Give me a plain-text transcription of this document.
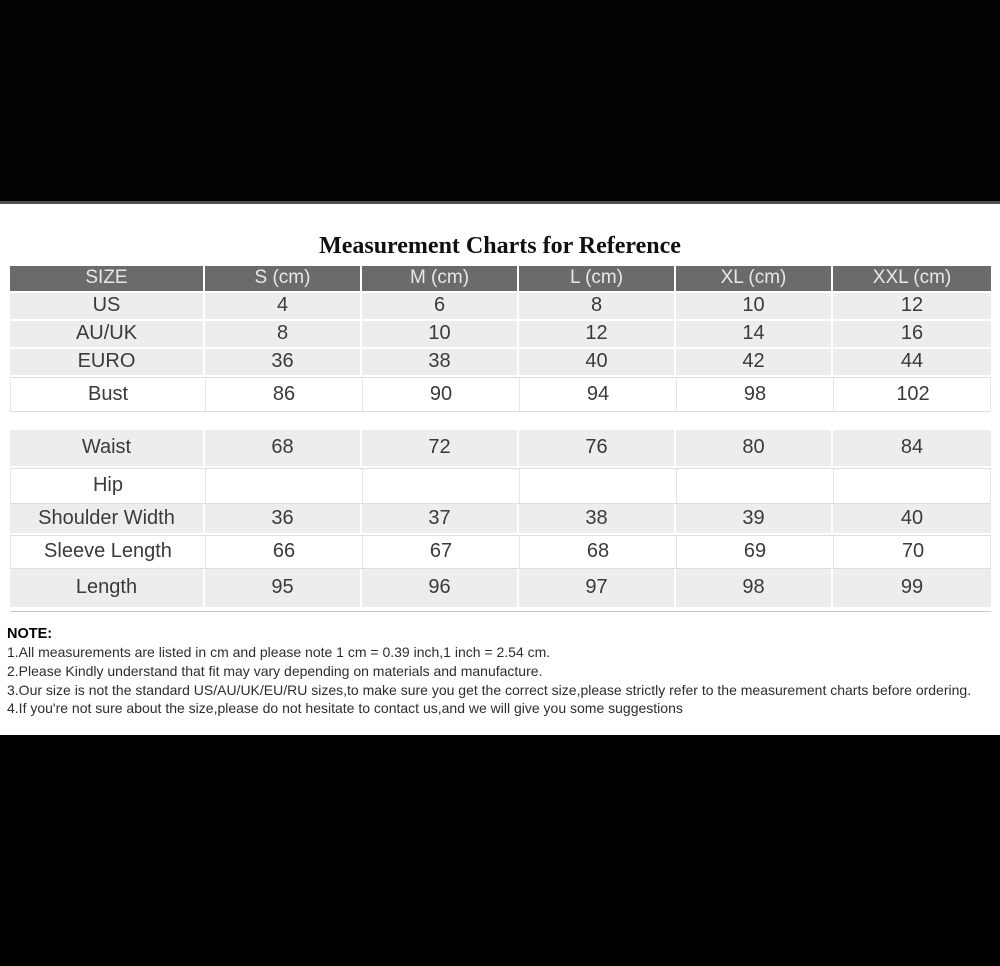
Measurement Charts for Reference
SIZE	S (cm)	M (cm)	L (cm)	XL (cm)	XXL (cm)
US	4	6	8	10	12
AU/UK	8	10	12	14	16
EURO	36	38	40	42	44
Bust	86	90	94	98	102
Waist	68	72	76	80	84
Hip
Shoulder Width	36	37	38	39	40
Sleeve Length	66	67	68	69	70
Length	95	96	97	98	99
NOTE:
1.All measurements are listed in cm and please note 1 cm = 0.39 inch,1 inch = 2.54 cm.
2.Please Kindly understand that fit may vary depending on materials and manufacture.
3.Our size is not the standard US/AU/UK/EU/RU sizes,to make sure you get the correct size,please strictly refer to the measurement charts before ordering.
4.If you're not sure about the size,please do not hesitate to contact us,and we will give you some suggestions
